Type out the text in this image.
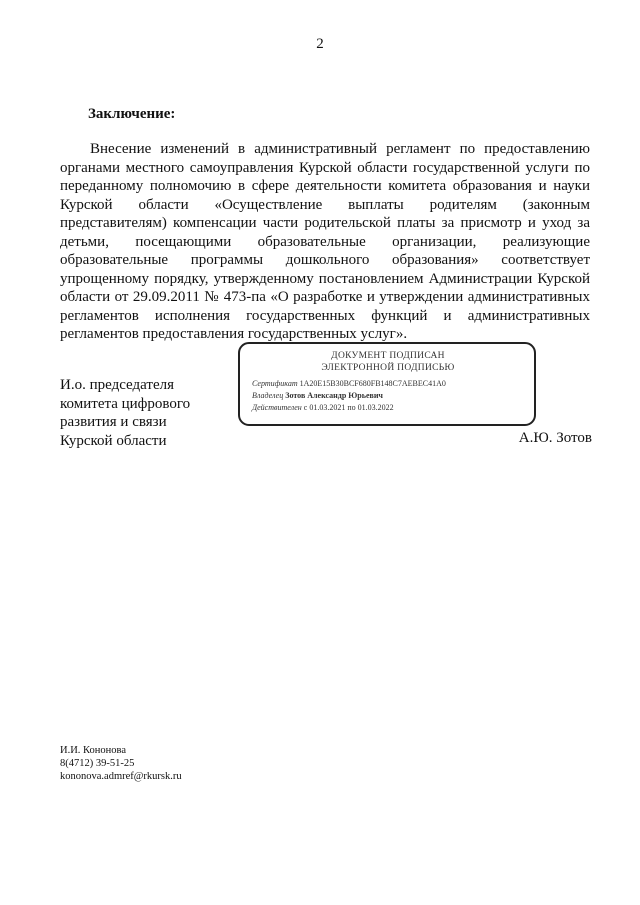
2
Заключение:
Внесение изменений в административный регламент по предоставлению
органами местного самоуправления Курской области государственной услуги по
переданному полномочию в сфере деятельности комитета образования и науки
Курской области «Осуществление выплаты родителям (законным
представителям) компенсации части родительской платы за присмотр и уход за
детьми, посещающими образовательные организации, реализующие
образовательные программы дошкольного образования» соответствует
упрощенному порядку, утвержденному постановлением Администрации Курской
области от 29.09.2011 № 473-па «О разработке и утверждении административных
регламентов исполнения государственных функций и административных
регламентов предоставления государственных услуг».
ДОКУМЕНТ ПОДПИСАН
ЭЛЕКТРОННОЙ ПОДПИСЬЮ
Сертификат 1A20E15B30BCF680FB148C7AEBEC41A0
Владелец Зотов Александр Юрьевич
Действителен с 01.03.2021 по 01.03.2022
И.о. председателя
комитета цифрового
развития и связи
Курской области	А.Ю. Зотов
И.И. Кононова
8(4712) 39-51-25
kononova.admref@rkursk.ru
